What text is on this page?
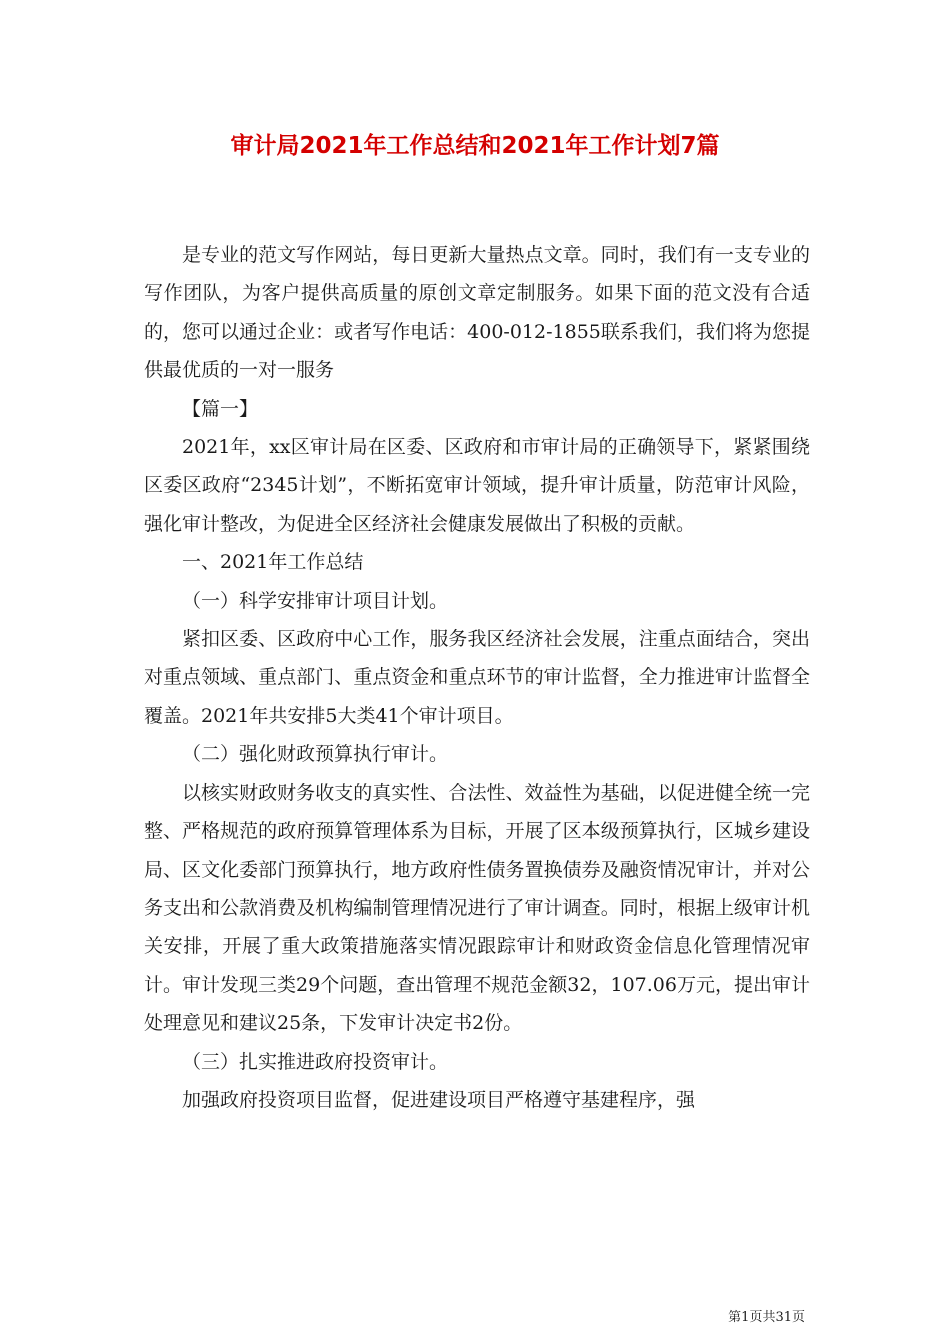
审计局2021年工作总结和2021年工作计划7篇

是专业的范文写作网站，每日更新大量热点文章。同时，我们有一支专业的写作团队，为客户提供高质量的原创文章定制服务。如果下面的范文没有合适的，您可以通过企业：或者写作电话：400-012-1855联系我们，我们将为您提供最优质的一对一服务

【篇一】

2021年，xx区审计局在区委、区政府和市审计局的正确领导下，紧紧围绕区委区政府“2345计划”，不断拓宽审计领域，提升审计质量，防范审计风险，强化审计整改，为促进全区经济社会健康发展做出了积极的贡献。

一、2021年工作总结

（一）科学安排审计项目计划。

紧扣区委、区政府中心工作，服务我区经济社会发展，注重点面结合，突出对重点领域、重点部门、重点资金和重点环节的审计监督，全力推进审计监督全覆盖。2021年共安排5大类41个审计项目。

（二）强化财政预算执行审计。

以核实财政财务收支的真实性、合法性、效益性为基础，以促进健全统一完整、严格规范的政府预算管理体系为目标，开展了区本级预算执行，区城乡建设局、区文化委部门预算执行，地方政府性债务置换债券及融资情况审计，并对公务支出和公款消费及机构编制管理情况进行了审计调查。同时，根据上级审计机关安排，开展了重大政策措施落实情况跟踪审计和财政资金信息化管理情况审计。审计发现三类29个问题，查出管理不规范金额32，107.06万元，提出审计处理意见和建议25条，下发审计决定书2份。

（三）扎实推进政府投资审计。

加强政府投资项目监督，促进建设项目严格遵守基建程序，强

第1页共31页
